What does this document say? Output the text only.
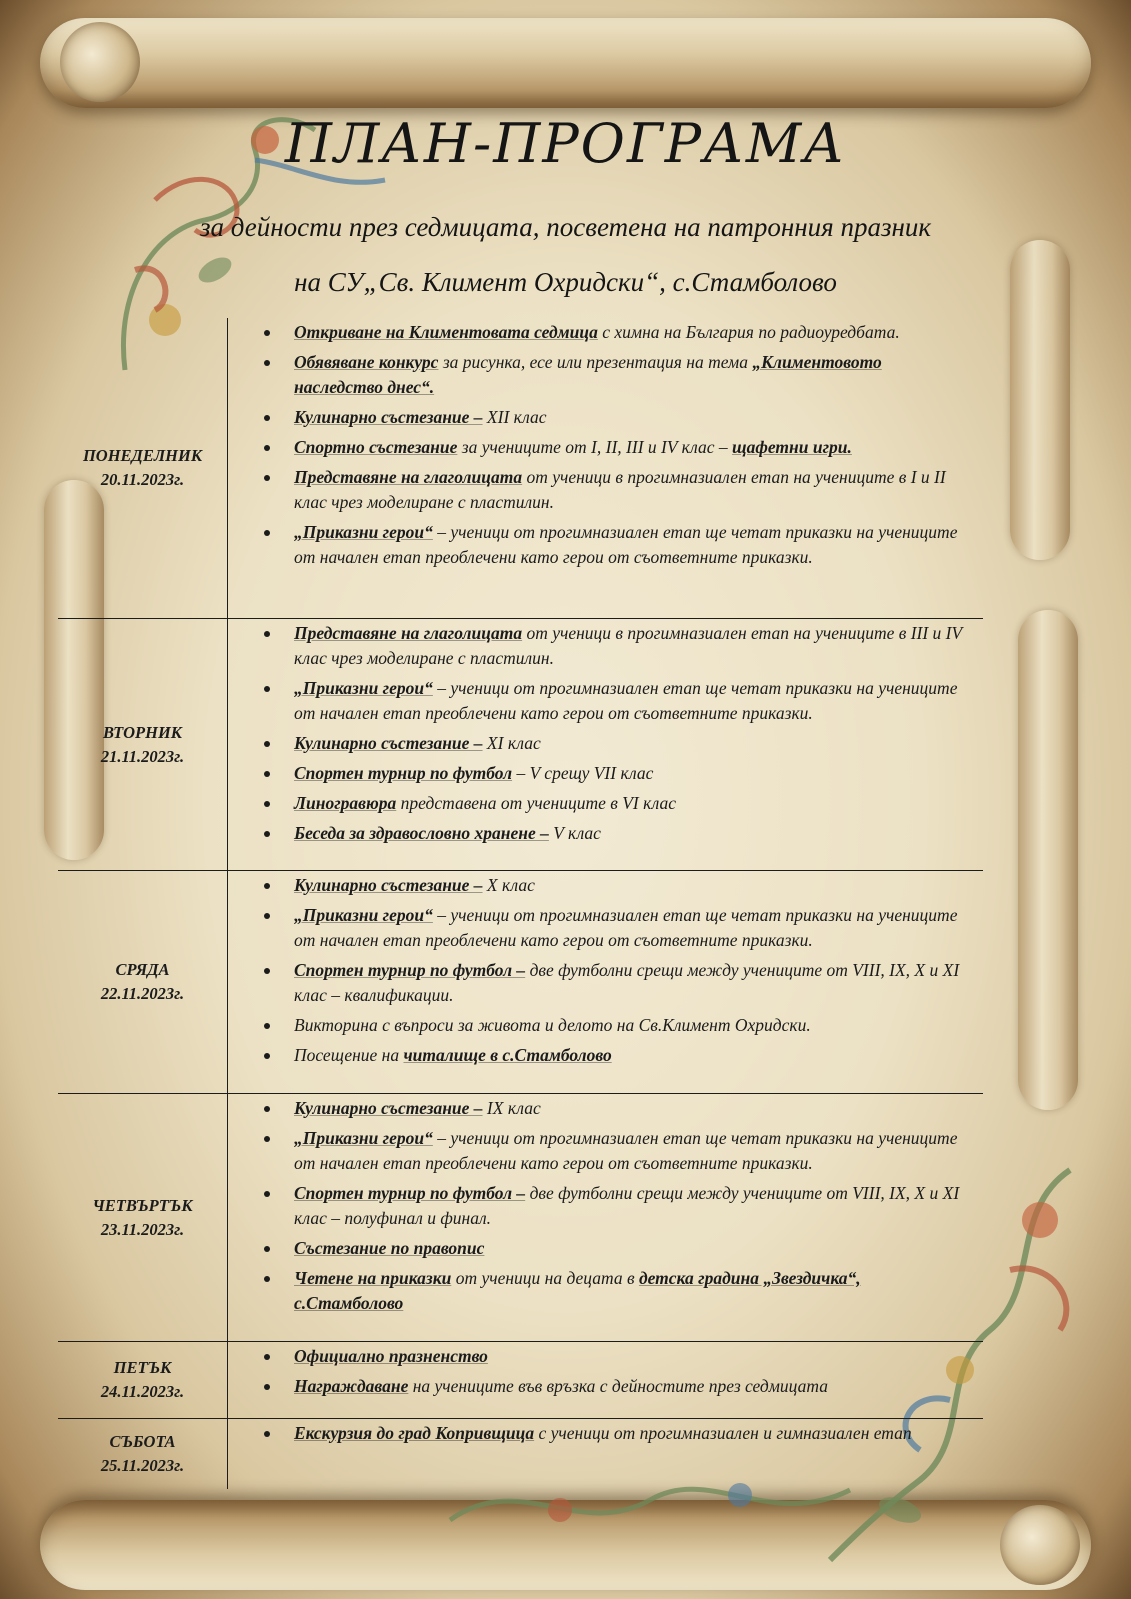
ПЛАН-ПРОГРАМА
за дейности през седмицата, посветена на патронния празник
на СУ„Св. Климент Охридски“, с.Стамболово
ПОНЕДЕЛНИК
20.11.2023г.
Откриване на Климентовата седмица с химна на България по радиоуредбата.
Обявяване конкурс за рисунка, есе или презентация на тема „Климентовото наследство днес“.
Кулинарно състезание – XII клас
Спортно състезание за учениците от I, II, III и IV клас – щафетни игри.
Представяне на глаголицата от ученици в прогимназиален етап на учениците в I и II клас чрез моделиране с пластилин.
„Приказни герои“ – ученици от прогимназиален етап ще четат приказки на учениците от начален етап преоблечени като герои от съответните приказки.
ВТОРНИК
21.11.2023г.
Представяне на глаголицата от ученици в прогимназиален етап на учениците в III и IV клас чрез моделиране с пластилин.
„Приказни герои“ – ученици от прогимназиален етап ще четат приказки на учениците от начален етап преоблечени като герои от съответните приказки.
Кулинарно състезание – XI клас
Спортен турнир по футбол – V срещу VII клас
Линогравюра представена от учениците в VI клас
Беседа за здравословно хранене – V клас
СРЯДА
22.11.2023г.
Кулинарно състезание – X клас
„Приказни герои“ – ученици от прогимназиален етап ще четат приказки на учениците от начален етап преоблечени като герои от съответните приказки.
Спортен турнир по футбол – две футболни срещи между учениците от VIII, IX, X и XI клас – квалификации.
Викторина с въпроси за живота и делото на Св.Климент Охридски.
Посещение на читалище в с.Стамболово
ЧЕТВЪРТЪК
23.11.2023г.
Кулинарно състезание – IX клас
„Приказни герои“ – ученици от прогимназиален етап ще четат приказки на учениците от начален етап преоблечени като герои от съответните приказки.
Спортен турнир по футбол – две футболни срещи между учениците от VIII, IX, X и XI клас – полуфинал и финал.
Състезание по правопис
Четене на приказки от ученици на децата в детска градина „Звездичка“, с.Стамболово
ПЕТЪК
24.11.2023г.
Официално празненство
Награждаване на учениците във връзка с дейностите през седмицата
СЪБОТА
25.11.2023г.
Екскурзия до град Копривщица с ученици от прогимназиален и гимназиален етап
